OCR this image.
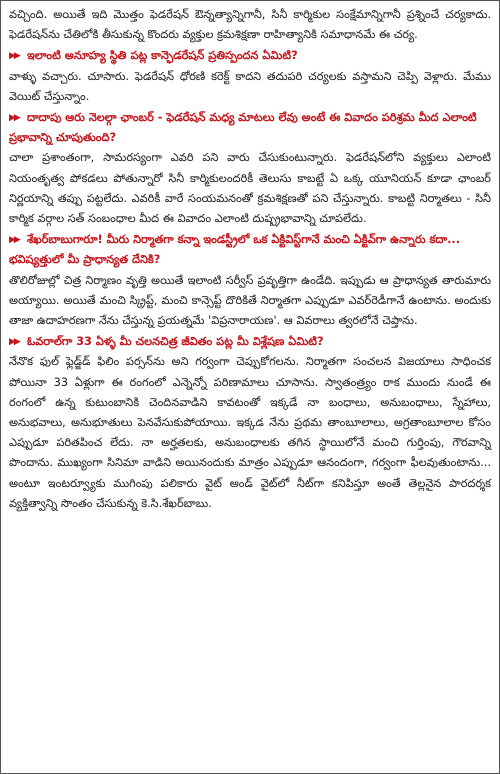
వచ్చింది. అయితే ఇది మొత్తం ఫెడరేషన్ ఔన్నత్యాన్నిగానీ, సినీ కార్మికుల సంక్షేమాన్నిగానీ ప్రశ్నించే చర్యకాదు. ఫెడరేషన్‌ను చేతిలోకి తీసుకున్న కొందరు వ్యక్తుల క్రమశిక్షణా రాహిత్యానికి సమాధానమే ఈ చర్య.

▶▶ ఇలాంటి అనూహ్య స్థితి పట్ల కాన్ఫెడరేషన్ ప్రతిస్పందన ఏమిటి?

వాళ్ళు వచ్చారు. చూసారు. ఫెడరేషన్ ధోరణి కరెక్ట్ కాదని తదుపరి చర్యలకు వస్తామని చెప్పి వెళ్లారు. మేము వెయిట్ చేస్తున్నాం.

▶▶ దాదాపు ఆరు నెలల్గా ఛాంబర్ - ఫెడరేషన్ మధ్య మాటలు లేవు అంటే ఈ వివాదం పరిశ్రమ మీద ఎలాంటి ప్రభావాన్ని చూపుతుంది?

చాలా ప్రశాంతంగా, సామరస్యంగా ఎవరి పని వారు చేసుకుంటున్నారు. ఫెడరేషన్‌లోని వ్యక్తులు ఎలాంటి నియంతృత్వ పోకడలు పోతున్నారో సినీ కార్మికులందరికీ తెలుసు కాబట్టే ఏ ఒక్క యూనియన్ కూడా ఛాంబర్ నిర్ణయాన్ని తప్పు పట్టలేదు. ఎవరికీ వారే సంయమనంతో క్రమశిక్షణతో పని చేస్తున్నారు. కాబట్టి నిర్మాతలు - సినీ కార్మిక వర్గాల సత్ సంబంధాల మీద ఈ వివాదం ఎలాంటి దుష్ప్రభావాన్ని చూపలేదు.

▶▶ శేఖర్‌బాబుగారూ! మీరు నిర్మాతగా కన్నా ఇండస్ట్రీలో ఒక ఏక్టివిస్ట్‌గానే మంచి ఏక్టివ్‌గా ఉన్నారు కదా... భవిష్యత్తులో మీ ప్రాధాన్యత దేనికి?

తొలిరోజుల్లో చిత్ర నిర్మాణం వృత్తి అయితే ఇలాంటి సర్వీస్ ప్రవృత్తిగా ఉండేది. ఇప్పుడు ఆ ప్రాధాన్యత తారుమారు అయ్యాయి. అయితే మంచి స్క్రిప్ట్, మంచి కాన్సెప్ట్ దొరికితే నిర్మాతగా ఎప్పుడూ ఎవర్‌రెడీగానే ఉంటాను. అందుకు తాజా ఉదాహరణగా నేను చేస్తున్న ప్రయత్నమే 'విప్రనారాయణ'. ఆ వివరాలు త్వరలోనే చెప్తాను.

▶▶ ఓవరాల్‌గా 33 ఏళ్ళ మీ చలనచిత్ర జీవితం పట్ల మీ విశ్లేషణ ఏమిటి?

నేనొక ఫుల్ ఫ్లెడ్జ్‌డ్ ఫిలిం పర్సన్‌ను అని గర్వంగా చెప్పుకోగలను. నిర్మాతగా సంచలన విజయాలు సాధించక పోయినా 33 ఏళ్లుగా ఈ రంగంలో ఎన్నెన్నో పరిణామాలు చూసాను. స్వాతంత్ర్యం రాక ముందు నుండే ఈ రంగంలో ఉన్న కుటుంబానికి చెందినవాడిని కావటంతో ఇక్కడే నా బంధాలు, అనుబంధాలు, స్నేహాలు, అనుభవాలు, అనుభూతులు పెనవేసుకుపోయాయి. ఇక్కడ నేను ప్రథమ తాంబూలాలు, అగ్రతాంబూలాల కోసం ఎప్పుడూ పరితపించ లేదు. నా అర్హతలకు, అనుబంధాలకు తగిన స్థాయిలోనే మంచి గుర్తింపు, గౌరవాన్ని పొందాను. ముఖ్యంగా సినిమా వాడిని అయినందుకు మాత్రం ఎప్పుడూ ఆనందంగా, గర్వంగా ఫీలవుతుంటాను... అంటూ ఇంటర్వ్యూకు ముగింపు పలికారు వైట్ అండ్ వైట్‌లో నీట్‌గా కనిపిస్తూ అంతే తెల్లనైన పారదర్శక వ్యక్తిత్వాన్ని సొంతం చేసుకున్న కె.సి.శేఖర్‌బాబు.
